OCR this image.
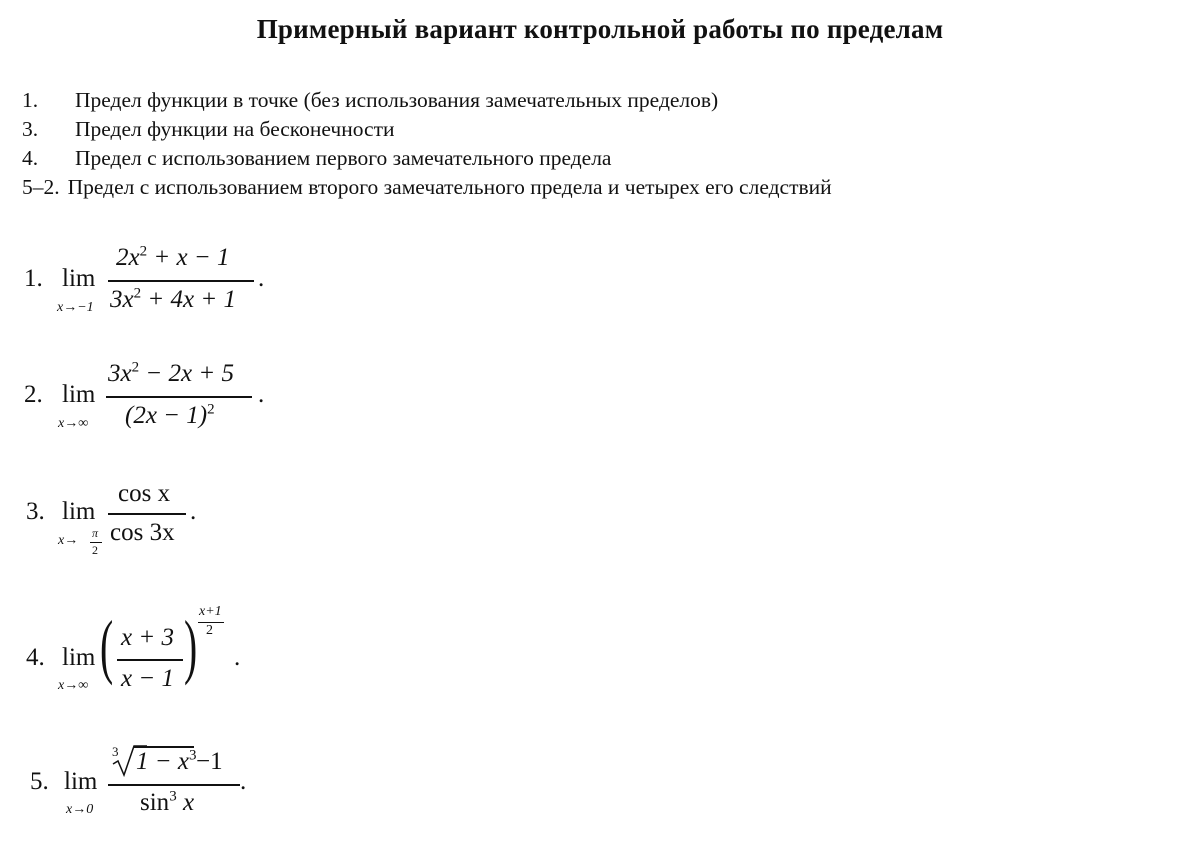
Примерный вариант контрольной работы по пределам
1. Предел функции в точке (без использования замечательных пределов)
3. Предел функции на бесконечности
4. Предел с использованием первого замечательного предела
5–2. Предел с использованием второго замечательного предела и четырех его следствий
1. lim
x→−1
$2x^2 + x - 1$
$3x^2 + 4x + 1$
.
2. lim
x→∞
$3x^2 - 2x + 5$
$(2x - 1)^2$
.
3. lim
x→ π
2
cos x
cos 3x
.
4. lim
x→∞ ( x + 3
x − 1 ) x+1
2
.
5. lim
x→0
3 $1 - x^3 -1$
$\sin^3 x$
.
